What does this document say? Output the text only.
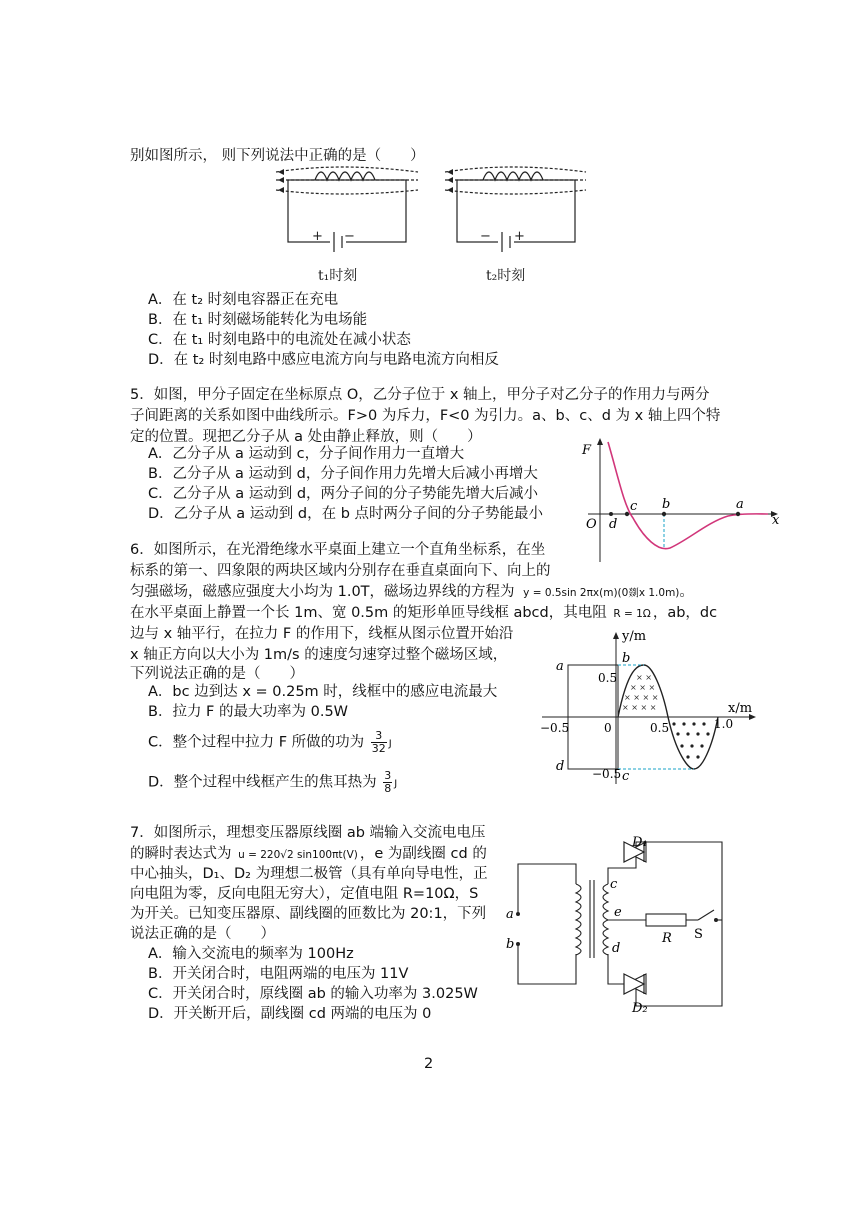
别如图所示， 则下列说法中正确的是（　　）
+ −
t₁时刻
− +
t₂时刻
A．在 t₂ 时刻电容器正在充电
B．在 t₁ 时刻磁场能转化为电场能
C．在 t₁ 时刻电路中的电流处在减小状态
D．在 t₂ 时刻电路中感应电流方向与电路电流方向相反
5．如图，甲分子固定在坐标原点 O，乙分子位于 x 轴上，甲分子对乙分子的作用力与两分
子间距离的关系如图中曲线所示。F>0 为斥力，F<0 为引力。a、b、c、d 为 x 轴上四个特
定的位置。现把乙分子从 a 处由静止释放，则（　　）
A．乙分子从 a 运动到 c，分子间作用力一直增大
B．乙分子从 a 运动到 d，分子间作用力先增大后减小再增大
C．乙分子从 a 运动到 d，两分子间的分子势能先增大后减小
D．乙分子从 a 运动到 d，在 b 点时两分子间的分子势能最小
F
x
O d
c b	a
6．如图所示，在光滑绝缘水平桌面上建立一个直角坐标系，在坐
标系的第一、四象限的两块区域内分别存在垂直桌面向下、向上的
匀强磁场，磁感应强度大小均为 1.0T，磁场边界线的方程为 y = 0.5sin 2πx(m)(0剟x 1.0m)。
在水平桌面上静置一个长 1m、宽 0.5m 的矩形单匝导线框 abcd，其电阻 R = 1Ω ，ab，dc
边与 x 轴平行，在拉力 F 的作用下，线框从图示位置开始沿
x 轴正方向以大小为 1m/s 的速度匀速穿过整个磁场区域，
下列说法正确的是（　　）
A．bc 边到达 x = 0.25m 时，线框中的感应电流最大
B．拉力 F 的最大功率为 0.5W
C．整个过程中拉力 F 所做的功为 $\frac{3}{32}$ J
D．整个过程中线框产生的焦耳热为 $\frac{3}{8}$ J
× ×
× × ×
× × × ×
× × × ×
y/m
x/m
a
b
c
d
0.5
−0.5
0	0.5	1.0
−0.5
7．如图所示，理想变压器原线圈 ab 端输入交流电电压
的瞬时表达式为 u = 220√2 sin100πt(V) ，e 为副线圈 cd 的
中心抽头，D₁、D₂ 为理想二极管（具有单向导电性，正
向电阻为零，反向电阻无穷大），定值电阻 R=10Ω，S
为开关。已知变压器原、副线圈的匝数比为 20:1，下列
说法正确的是（　　）
A．输入交流电的频率为 100Hz
B．开关闭合时，电阻两端的电压为 11V
C．开关闭合时，原线圈 ab 的输入功率为 3.025W
D．开关断开后，副线圈 cd 两端的电压为 0
a
b
c
e
d
R S
D₁
D₂
2
